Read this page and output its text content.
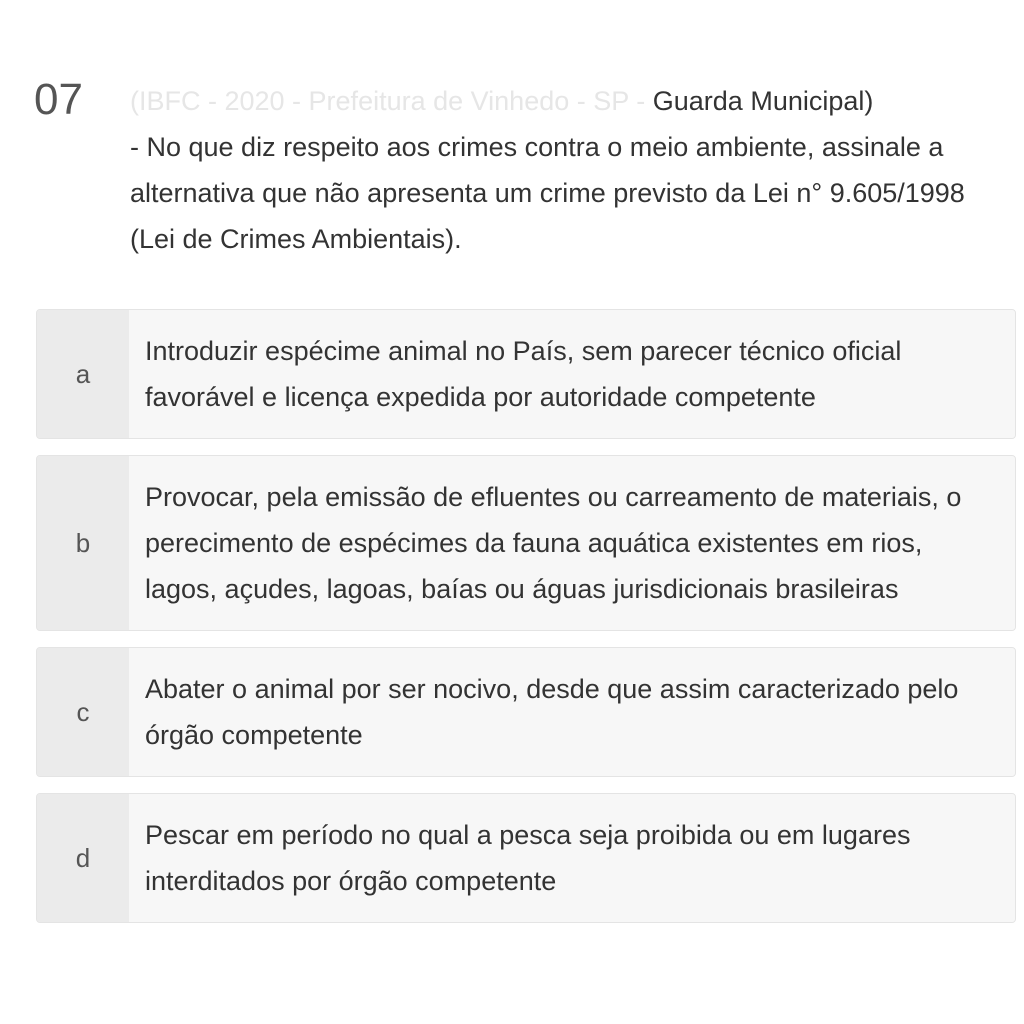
07 (IBFC - 2020 - Prefeitura de Vinhedo - SP - Guarda Municipal)
- No que diz respeito aos crimes contra o meio ambiente, assinale a alternativa que não apresenta um crime previsto da Lei n° 9.605/1998 (Lei de Crimes Ambientais).
a
Introduzir espécime animal no País, sem parecer técnico oficial favorável e licença expedida por autoridade competente
b
Provocar, pela emissão de efluentes ou carreamento de materiais, o perecimento de espécimes da fauna aquática existentes em rios, lagos, açudes, lagoas, baías ou águas jurisdicionais brasileiras
c
Abater o animal por ser nocivo, desde que assim caracterizado pelo órgão competente
d
Pescar em período no qual a pesca seja proibida ou em lugares interditados por órgão competente
